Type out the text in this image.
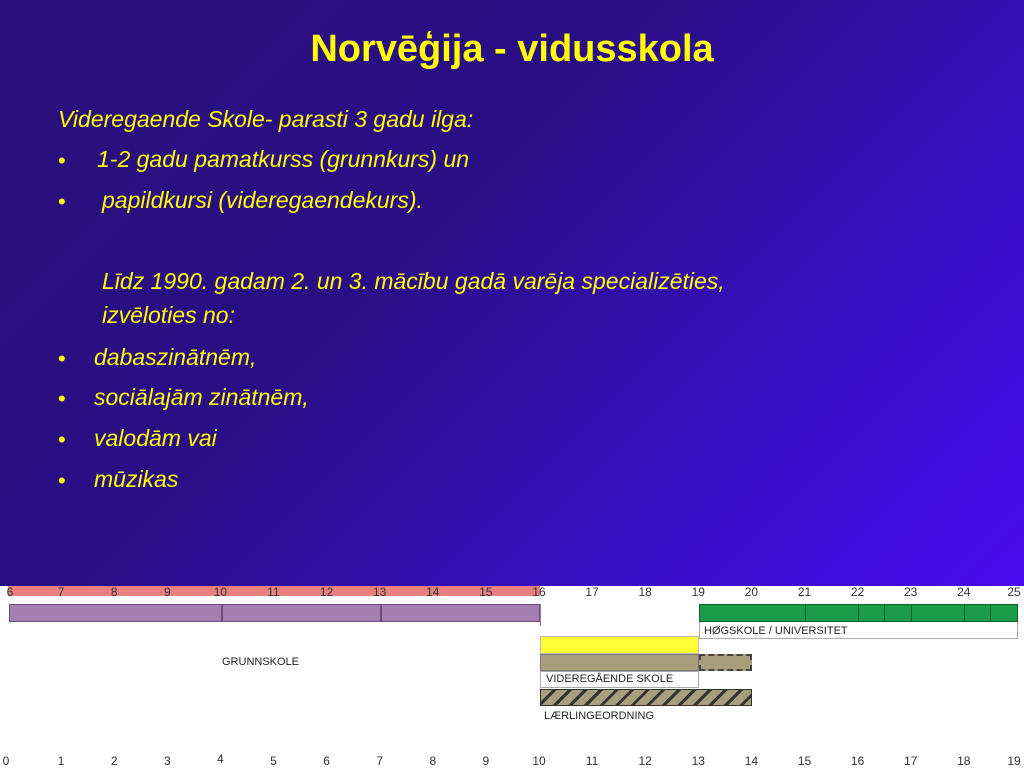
Norvēģija - vidusskola
Videregaende Skole- parasti 3 gadu ilga:
• 1-2 gadu pamatkurss (grunnkurs) un
• papildkursi (videregaendekurs).
Līdz 1990. gadam 2. un 3. mācību gadā varēja specializēties,
izvēloties no:
• dabaszinātnēm,
• sociālajām zinātnēm,
• valodām vai
• mūzikas
6	7	8	9	10	11	12	13	14	15	16	17	18	19	20	21	22	23	24	25
GRUNNSKOLE
HØGSKOLE / UNIVERSITET
VIDEREGÅENDE SKOLE
LÆRLINGEORDNING
0	1	2	3	4	5	6	7	8	9	10	11	12	13	14	15	16	17	18	19
